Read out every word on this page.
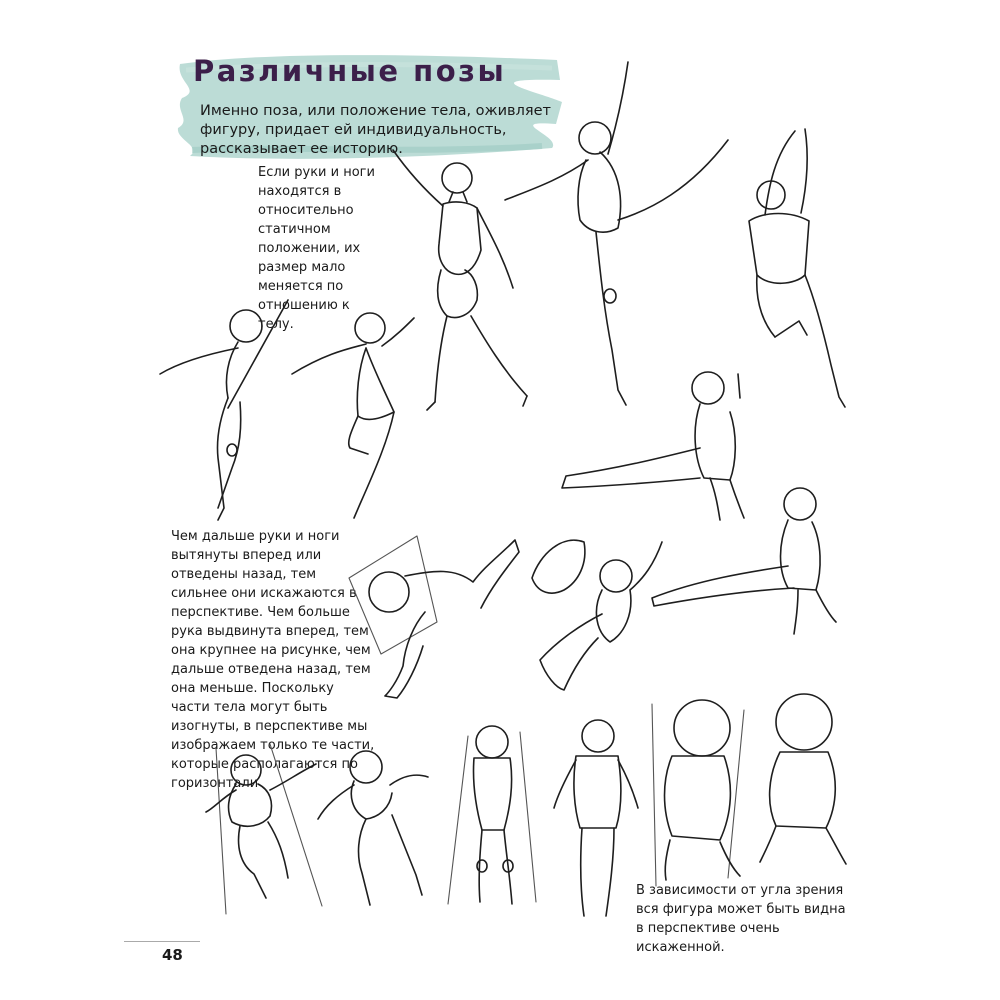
Различные позы

Именно поза, или положение тела, оживляет фигуру, придает ей индивидуальность, рассказывает ее историю.

Если руки и ноги находятся в относительно статичном положении, их размер мало меняется по отношению к телу.

Чем дальше руки и ноги вытянуты вперед или отведены назад, тем сильнее они искажаются в перспективе. Чем больше рука выдвинута вперед, тем она крупнее на рисунке, чем дальше отведена назад, тем она меньше. Поскольку части тела могут быть изогнуты, в перспективе мы изображаем только те части, которые располагаются по горизонтали

В зависимости от угла зрения вся фигура может быть видна в перспективе очень искаженной.

48
